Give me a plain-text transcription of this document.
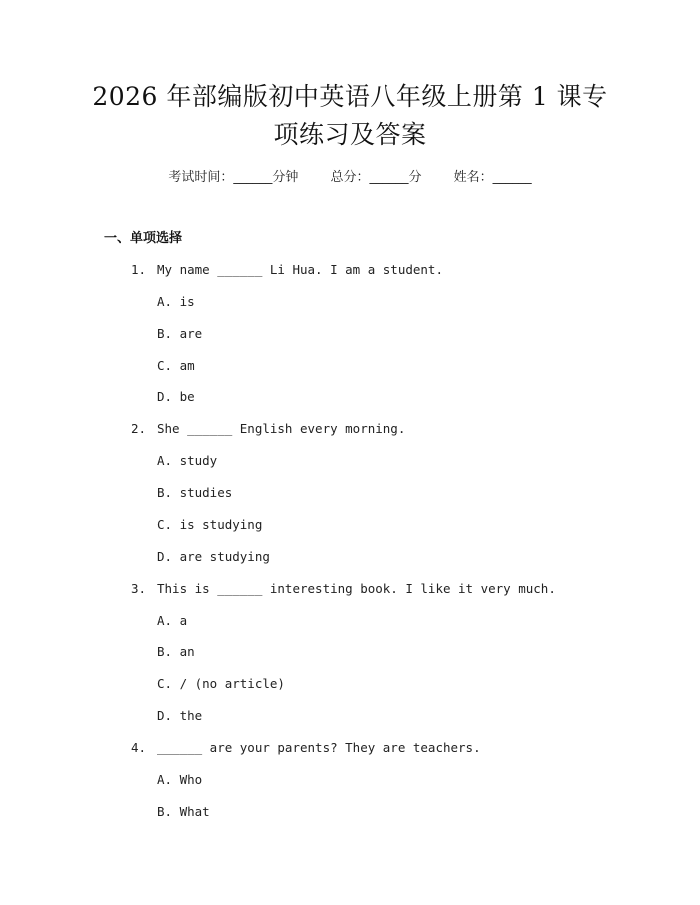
2026 年部编版初中英语八年级上册第 1 课专
项练习及答案
考试时间：______分钟 总分：______分 姓名：______
一、单项选择
1. My name ______ Li Hua. I am a student.
A. is
B. are
C. am
D. be
2. She ______ English every morning.
A. study
B. studies
C. is studying
D. are studying
3. This is ______ interesting book. I like it very much.
A. a
B. an
C. / (no article)
D. the
4. ______ are your parents? They are teachers.
A. Who
B. What
